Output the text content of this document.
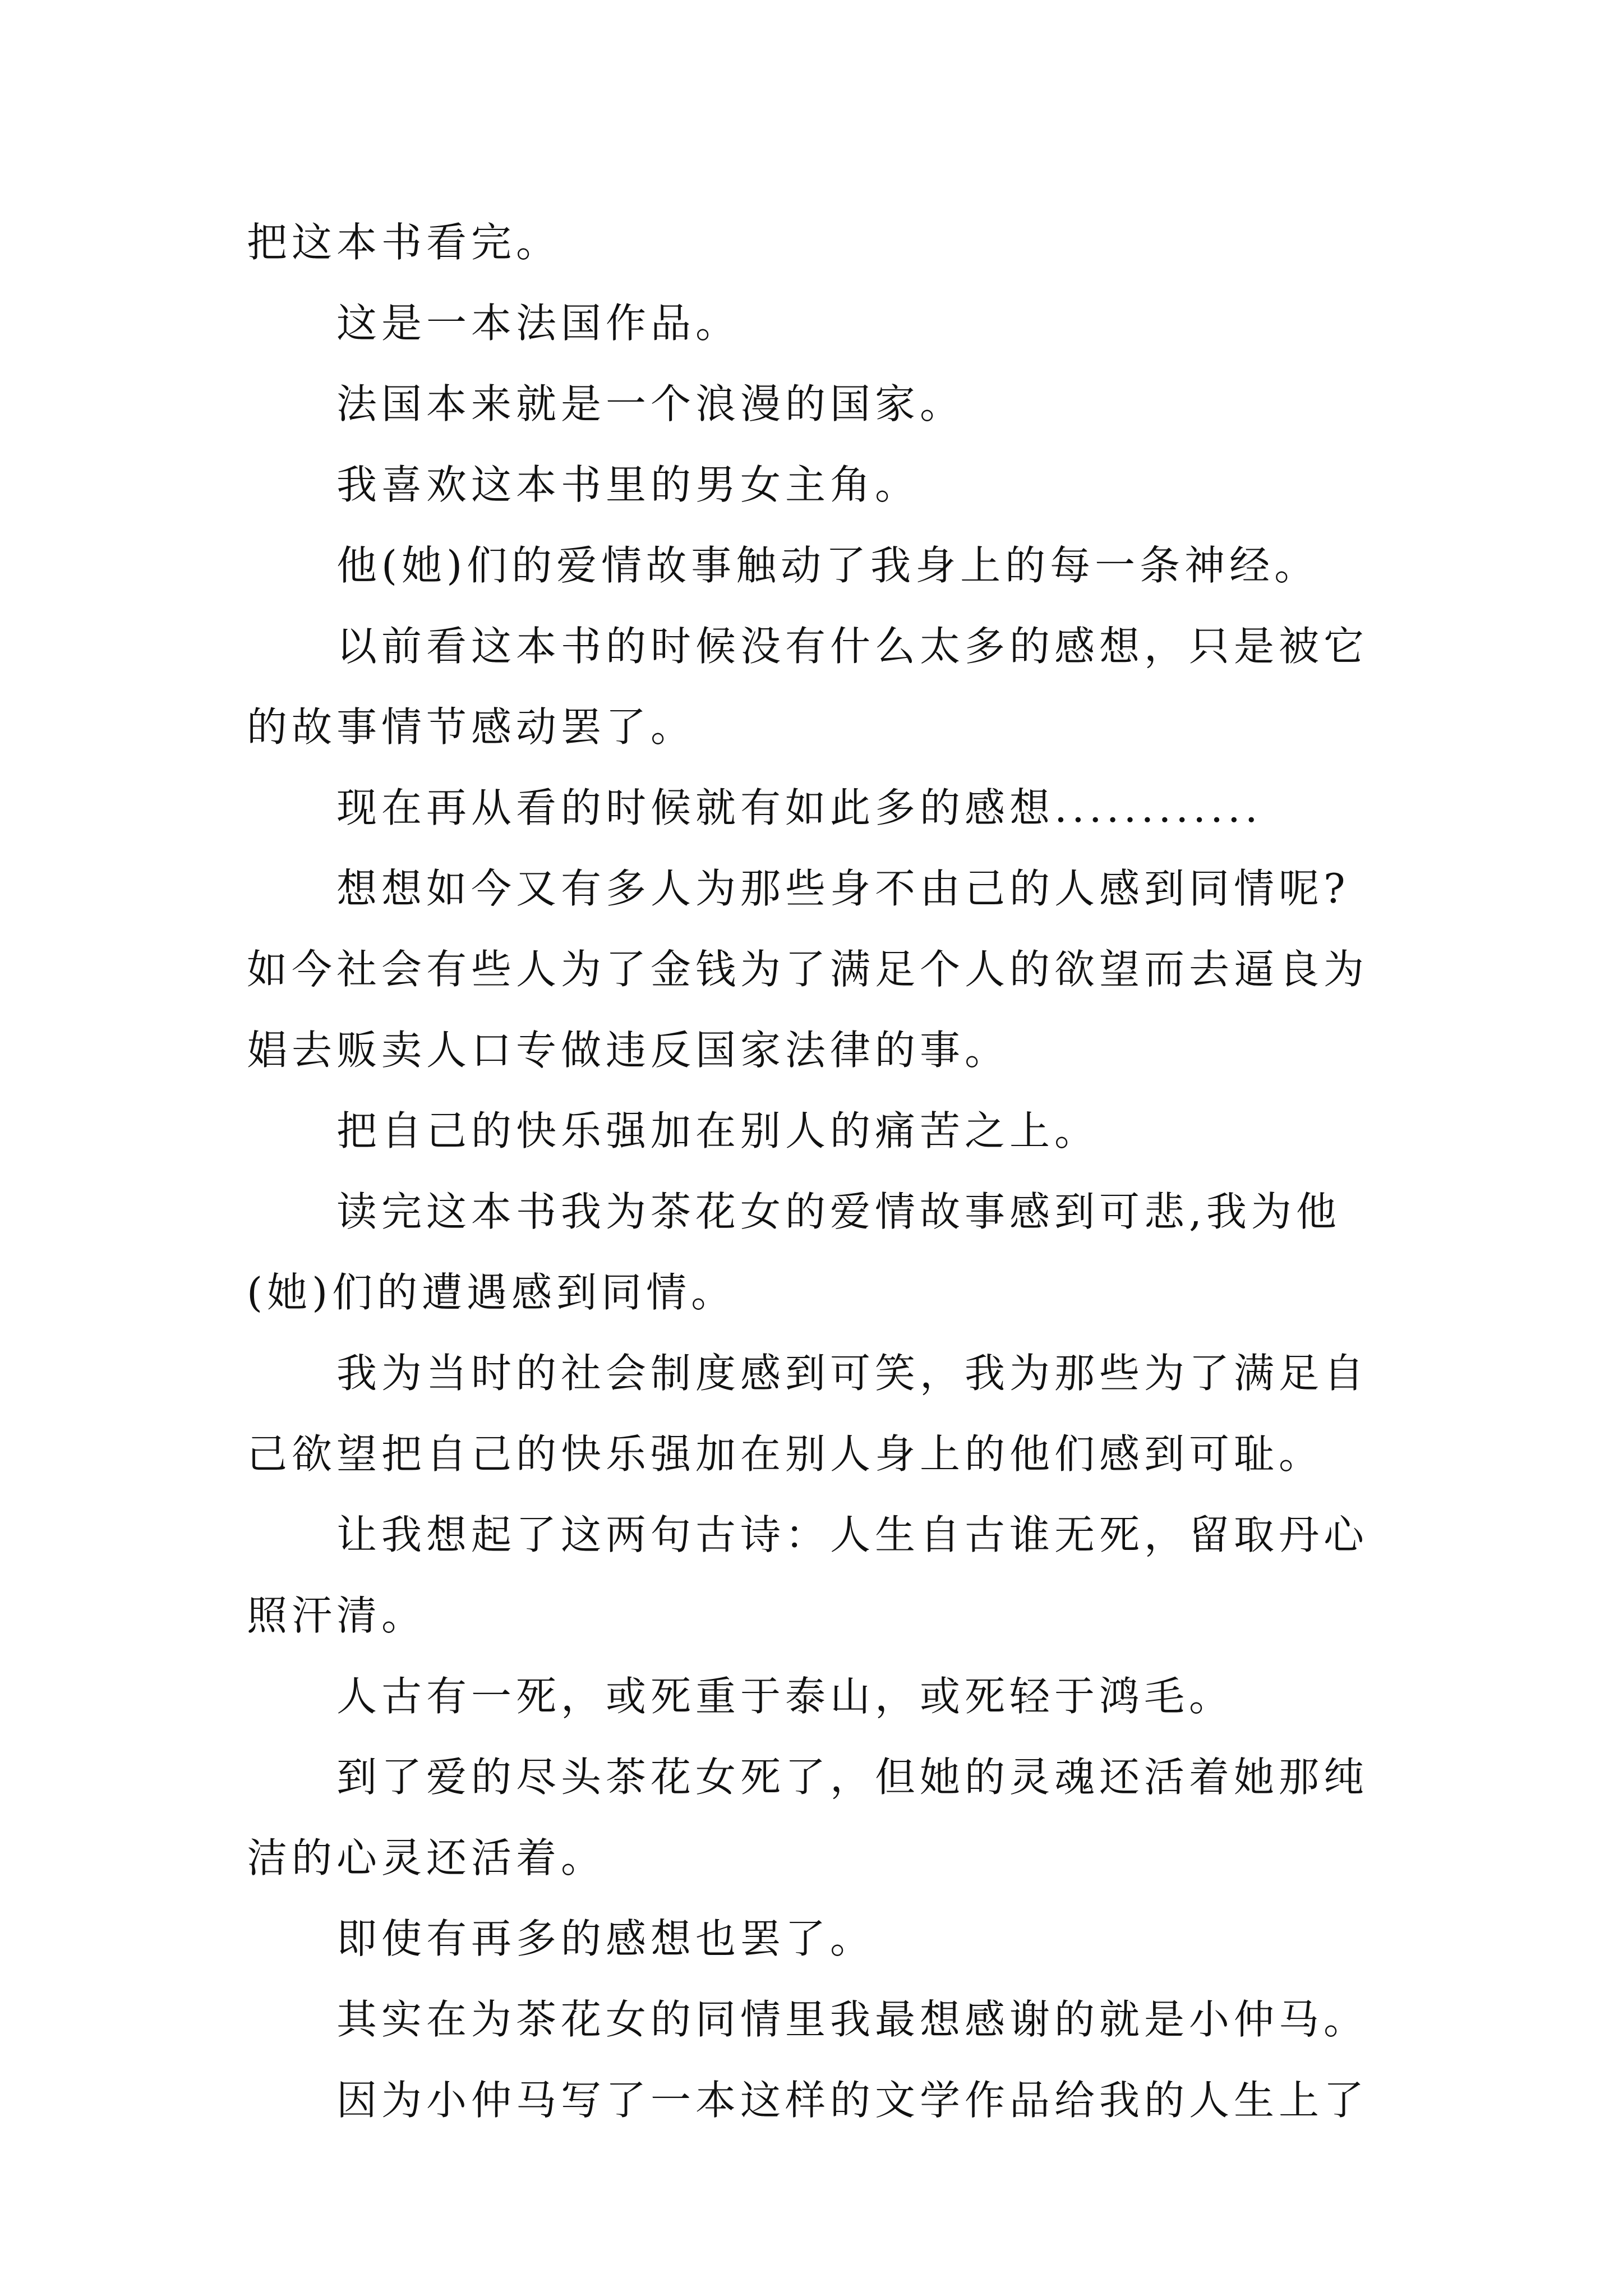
把这本书看完。

这是一本法国作品。

法国本来就是一个浪漫的国家。

我喜欢这本书里的男女主角。

他(她)们的爱情故事触动了我身上的每一条神经。

以前看这本书的时候没有什么太多的感想，只是被它的故事情节感动罢了。

现在再从看的时候就有如此多的感想............

想想如今又有多人为那些身不由己的人感到同情呢?如今社会有些人为了金钱为了满足个人的欲望而去逼良为娼去贩卖人口专做违反国家法律的事。

把自己的快乐强加在别人的痛苦之上。

读完这本书我为茶花女的爱情故事感到可悲,我为他(她)们的遭遇感到同情。

我为当时的社会制度感到可笑，我为那些为了满足自己欲望把自己的快乐强加在别人身上的他们感到可耻。

让我想起了这两句古诗：人生自古谁无死，留取丹心照汗清。

人古有一死，或死重于泰山，或死轻于鸿毛。

到了爱的尽头茶花女死了，但她的灵魂还活着她那纯洁的心灵还活着。

即使有再多的感想也罢了。

其实在为茶花女的同情里我最想感谢的就是小仲马。

因为小仲马写了一本这样的文学作品给我的人生上了
